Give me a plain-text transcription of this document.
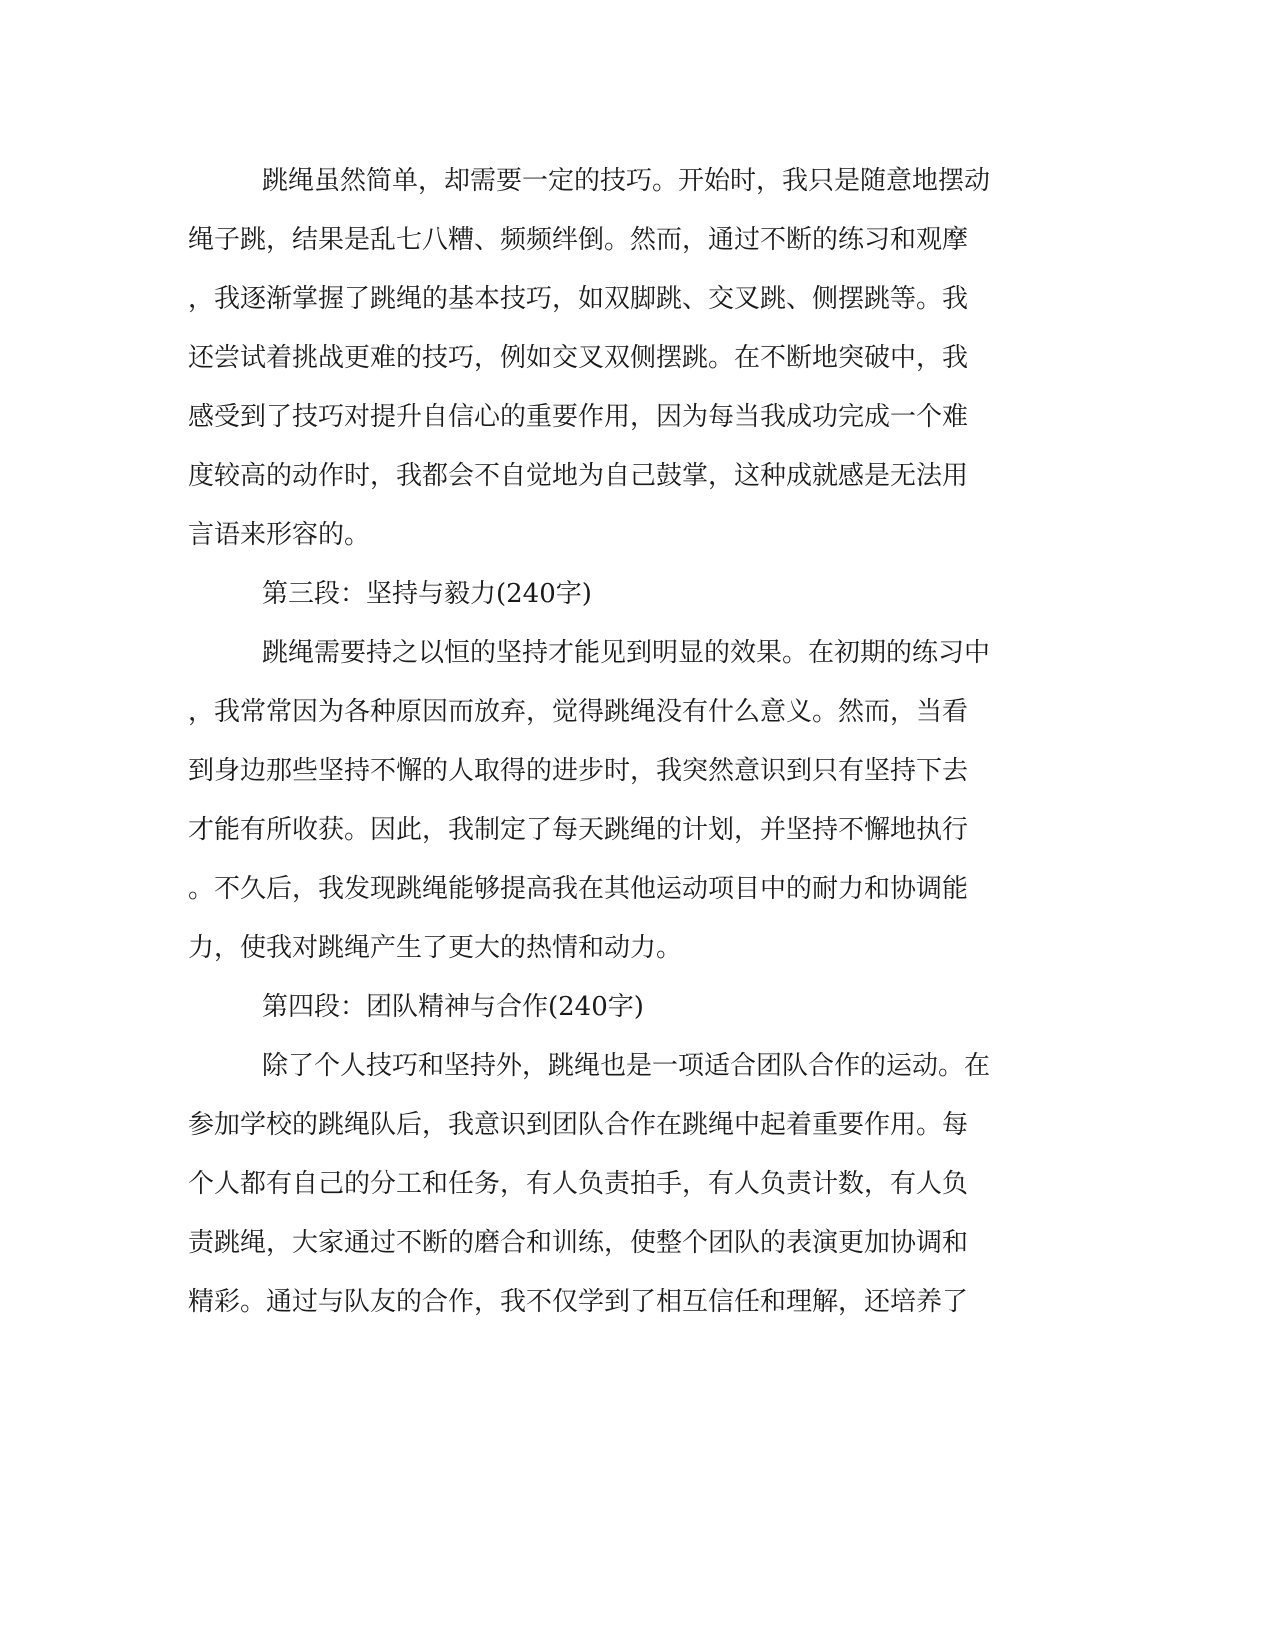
跳绳虽然简单，却需要一定的技巧。开始时，我只是随意地摆动
绳子跳，结果是乱七八糟、频频绊倒。然而，通过不断的练习和观摩
，我逐渐掌握了跳绳的基本技巧，如双脚跳、交叉跳、侧摆跳等。我
还尝试着挑战更难的技巧，例如交叉双侧摆跳。在不断地突破中，我
感受到了技巧对提升自信心的重要作用，因为每当我成功完成一个难
度较高的动作时，我都会不自觉地为自己鼓掌，这种成就感是无法用
言语来形容的。
第三段：坚持与毅力(240字)
跳绳需要持之以恒的坚持才能见到明显的效果。在初期的练习中
，我常常因为各种原因而放弃，觉得跳绳没有什么意义。然而，当看
到身边那些坚持不懈的人取得的进步时，我突然意识到只有坚持下去
才能有所收获。因此，我制定了每天跳绳的计划，并坚持不懈地执行
。不久后，我发现跳绳能够提高我在其他运动项目中的耐力和协调能
力，使我对跳绳产生了更大的热情和动力。
第四段：团队精神与合作(240字)
除了个人技巧和坚持外，跳绳也是一项适合团队合作的运动。在
参加学校的跳绳队后，我意识到团队合作在跳绳中起着重要作用。每
个人都有自己的分工和任务，有人负责拍手，有人负责计数，有人负
责跳绳，大家通过不断的磨合和训练，使整个团队的表演更加协调和
精彩。通过与队友的合作，我不仅学到了相互信任和理解，还培养了
